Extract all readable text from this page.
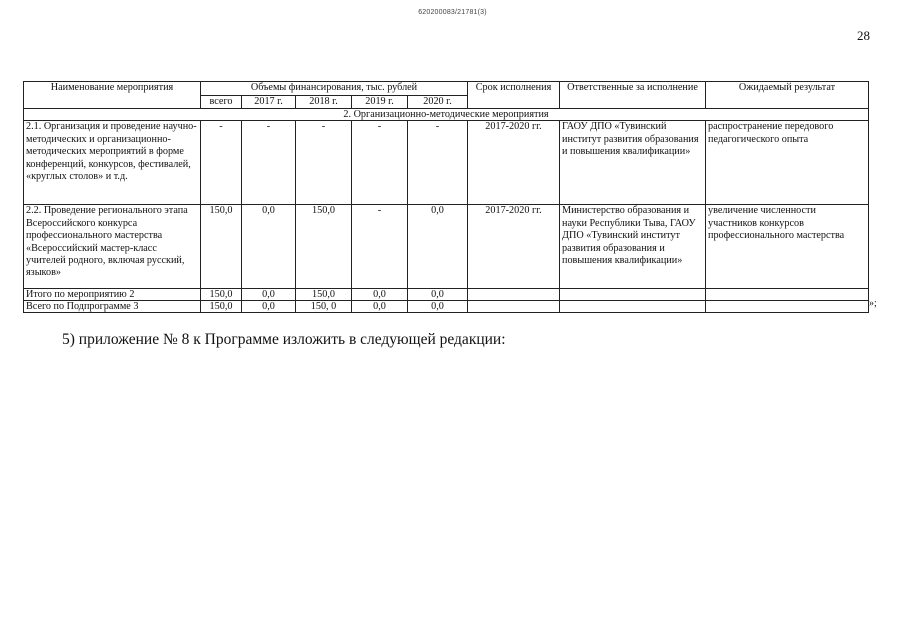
620200083/21781(3)
28
Наименование мероприятия	Объемы финансирования, тыс. рублей					Срок исполнения	Ответственные за исполнение	Ожидаемый результат
	всего	2017 г.	2018 г.	2019 г.	2020 г.			
2. Организационно-методические мероприятия								
2.1. Организация и проведение научно-методических и организационно-методических мероприятий в форме конференций, конкурсов, фестивалей, «круглых столов» и т.д.	-	-	-	-	-	2017-2020 гг.	ГАОУ ДПО «Тувинский институт развития образования и повышения квалификации»	распространение передового педагогического опыта
2.2. Проведение регионального этапа Всероссийского конкурса профессионального мастерства «Всероссийский мастер-класс учителей родного, включая русский, языков»	150,0	0,0	150,0	-	0,0	2017-2020 гг.	Министерство образования и науки Республики Тыва, ГАОУ ДПО «Тувинский институт развития образования и повышения квалификации»	увеличение численности участников конкурсов профессионального мастерства
Итого по мероприятию 2	150,0	0,0	150,0	0,0	0,0			
Всего по Подпрограмме 3	150,0	0,0	150, 0	0,0	0,0				»;
5) приложение № 8 к Программе изложить в следующей редакции:
